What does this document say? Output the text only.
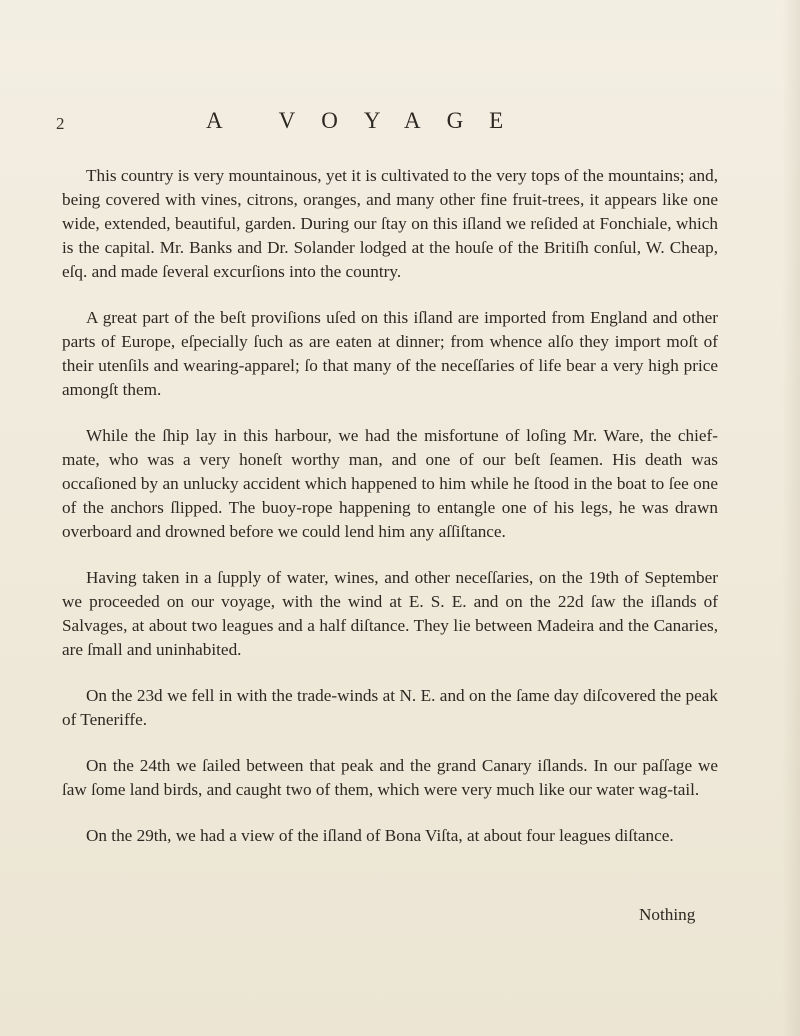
2	A VOYAGE

This country is very mountainous, yet it is cultivated to the very tops of the mountains; and, being covered with vines, citrons, oranges, and many other fine fruit-trees, it appears like one wide, extended, beautiful, garden. During our ſtay on this iſland we reſided at Fonchiale, which is the capital. Mr. Banks and Dr. Solander lodged at the houſe of the Britiſh conſul, W. Cheap, eſq. and made ſeveral excurſions into the country.

A great part of the beſt proviſions uſed on this iſland are imported from England and other parts of Europe, eſpecially ſuch as are eaten at dinner; from whence alſo they import moſt of their utenſils and wearing-apparel; ſo that many of the neceſſaries of life bear a very high price amongſt them.

While the ſhip lay in this harbour, we had the misfortune of loſing Mr. Ware, the chief-mate, who was a very honeſt worthy man, and one of our beſt ſeamen. His death was occaſioned by an unlucky accident which happened to him while he ſtood in the boat to ſee one of the anchors ſlipped. The buoy-rope happening to entangle one of his legs, he was drawn overboard and drowned before we could lend him any aſſiſtance.

Having taken in a ſupply of water, wines, and other neceſſaries, on the 19th of September we proceeded on our voyage, with the wind at E. S. E. and on the 22d ſaw the iſlands of Salvages, at about two leagues and a half diſtance. They lie between Madeira and the Canaries, are ſmall and uninhabited.

On the 23d we fell in with the trade-winds at N. E. and on the ſame day diſcovered the peak of Teneriffe.

On the 24th we ſailed between that peak and the grand Canary iſlands. In our paſſage we ſaw ſome land birds, and caught two of them, which were very much like our water wag-tail.

On the 29th, we had a view of the iſland of Bona Viſta, at about four leagues diſtance.

Nothing
